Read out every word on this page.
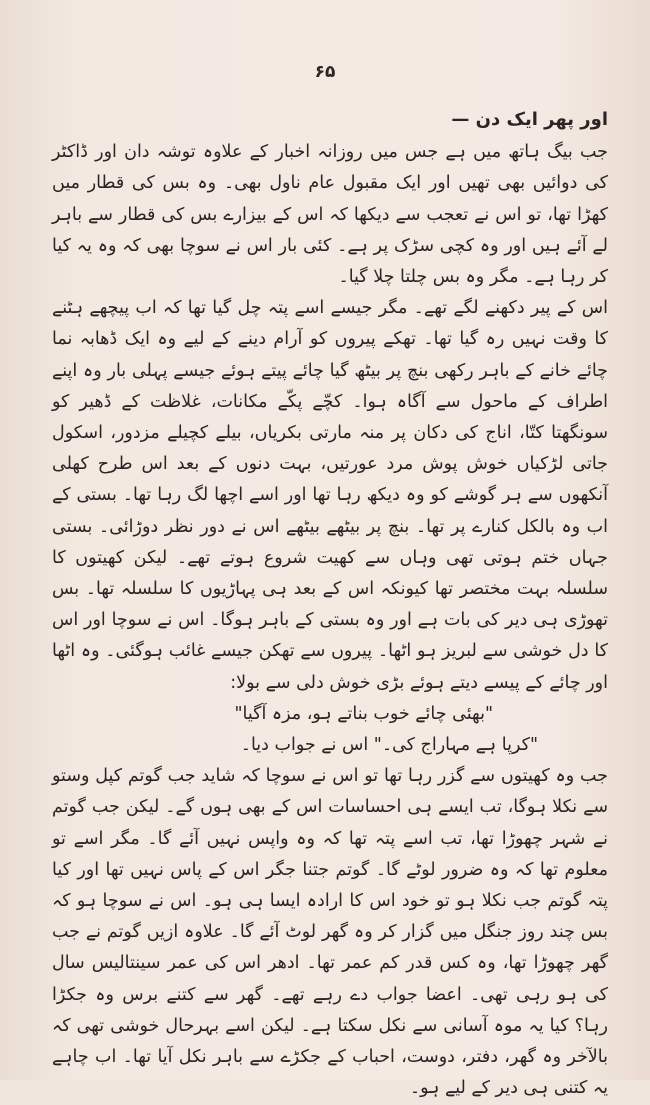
۶۵

اور پھر ایک دن —

جب بیگ ہاتھ میں ہے جس میں روزانہ اخبار کے علاوہ توشہ دان اور ڈاکٹر کی دوائیں بھی تھیں اور ایک مقبول عام ناول بھی۔ وہ بس کی قطار میں کھڑا تھا، تو اس نے تعجب سے دیکھا کہ اس کے بیزارے بس کی قطار سے باہر لے آئے ہیں اور وہ کچی سڑک پر ہے۔ کئی بار اس نے سوچا بھی کہ وہ یہ کیا کر رہا ہے۔ مگر وہ بس چلتا چلا گیا۔

اس کے پیر دکھنے لگے تھے۔ مگر جیسے اسے پتہ چل گیا تھا کہ اب پیچھے ہٹنے کا وقت نہیں رہ گیا تھا۔ تھکے پیروں کو آرام دینے کے لیے وہ ایک ڈھابہ نما چائے خانے کے باہر رکھی بنچ پر بیٹھ گیا چائے پیتے ہوئے جیسے پہلی بار وہ اپنے اطراف کے ماحول سے آگاہ ہوا۔ کچّے پکّے مکانات، غلاظت کے ڈھیر کو سونگھتا کتّا، اناج کی دکان پر منہ مارتی بکریاں، بیلے کچیلے مزدور، اسکول جاتی لڑکیاں خوش پوش مرد عورتیں، بہت دنوں کے بعد اس طرح کھلی آنکھوں سے ہر گوشے کو وہ دیکھ رہا تھا اور اسے اچھا لگ رہا تھا۔ بستی کے اب وہ بالکل کنارے پر تھا۔ بنچ پر بیٹھے بیٹھے اس نے دور نظر دوڑائی۔ بستی جہاں ختم ہوتی تھی وہاں سے کھیت شروع ہوتے تھے۔ لیکن کھیتوں کا سلسلہ بہت مختصر تھا کیونکہ اس کے بعد ہی پہاڑیوں کا سلسلہ تھا۔ بس تھوڑی ہی دیر کی بات ہے اور وہ بستی کے باہر ہوگا۔ اس نے سوچا اور اس کا دل خوشی سے لبریز ہو اٹھا۔ پیروں سے تھکن جیسے غائب ہوگئی۔ وہ اٹھا اور چائے کے پیسے دیتے ہوئے بڑی خوش دلی سے بولا:

"بھئی چائے خوب بناتے ہو، مزہ آگیا"

"کرپا ہے مہاراج کی۔" اس نے جواب دیا۔

جب وہ کھیتوں سے گزر رہا تھا تو اس نے سوچا کہ شاید جب گوتم کپل وستو سے نکلا ہوگا، تب ایسے ہی احساسات اس کے بھی ہوں گے۔ لیکن جب گوتم نے شہر چھوڑا تھا، تب اسے پتہ تھا کہ وہ واپس نہیں آئے گا۔ مگر اسے تو معلوم تھا کہ وہ ضرور لوٹے گا۔ گوتم جتنا جگر اس کے پاس نہیں تھا اور کیا پتہ گوتم جب نکلا ہو تو خود اس کا ارادہ ایسا ہی ہو۔ اس نے سوچا ہو کہ بس چند روز جنگل میں گزار کر وہ گھر لوٹ آئے گا۔ علاوہ ازیں گوتم نے جب گھر چھوڑا تھا، وہ کس قدر کم عمر تھا۔ ادھر اس کی عمر سینتالیس سال کی ہو رہی تھی۔ اعضا جواب دے رہے تھے۔ گھر سے کتنے برس وہ جکڑا رہا؟ کیا یہ موہ آسانی سے نکل سکتا ہے۔ لیکن اسے بہرحال خوشی تھی کہ بالآخر وہ گھر، دفتر، دوست، احباب کے جکڑے سے باہر نکل آیا تھا۔ اب چاہے یہ کتنی ہی دیر کے لیے ہو۔
